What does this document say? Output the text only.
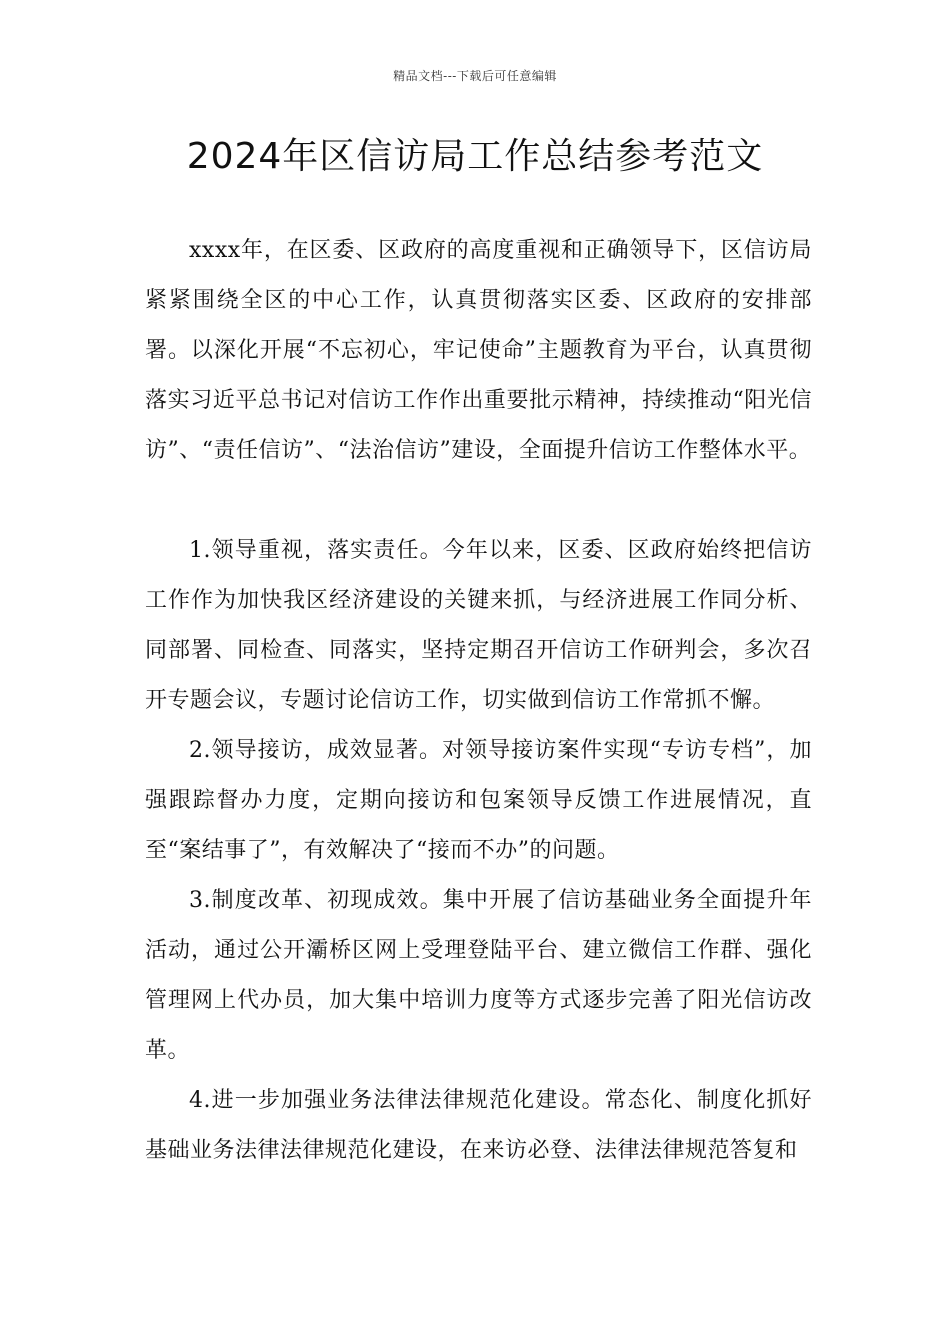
精品文档---下载后可任意编辑
2024年区信访局工作总结参考范文

xxxx年，在区委、区政府的高度重视和正确领导下，区信访局紧紧围绕全区的中心工作，认真贯彻落实区委、区政府的安排部署。以深化开展“不忘初心，牢记使命”主题教育为平台，认真贯彻落实习近平总书记对信访工作作出重要批示精神，持续推动“阳光信访”、“责任信访”、“法治信访”建设，全面提升信访工作整体水平。

1.领导重视，落实责任。今年以来，区委、区政府始终把信访工作作为加快我区经济建设的关键来抓，与经济进展工作同分析、同部署、同检查、同落实，坚持定期召开信访工作研判会，多次召开专题会议，专题讨论信访工作，切实做到信访工作常抓不懈。

2.领导接访，成效显著。对领导接访案件实现“专访专档”，加强跟踪督办力度，定期向接访和包案领导反馈工作进展情况，直至“案结事了”，有效解决了“接而不办”的问题。

3.制度改革、初现成效。集中开展了信访基础业务全面提升年活动，通过公开灞桥区网上受理登陆平台、建立微信工作群、强化管理网上代办员，加大集中培训力度等方式逐步完善了阳光信访改革。

4.进一步加强业务法律法律规范化建设。常态化、制度化抓好基础业务法律法律规范化建设，在来访必登、法律法律规范答复和
